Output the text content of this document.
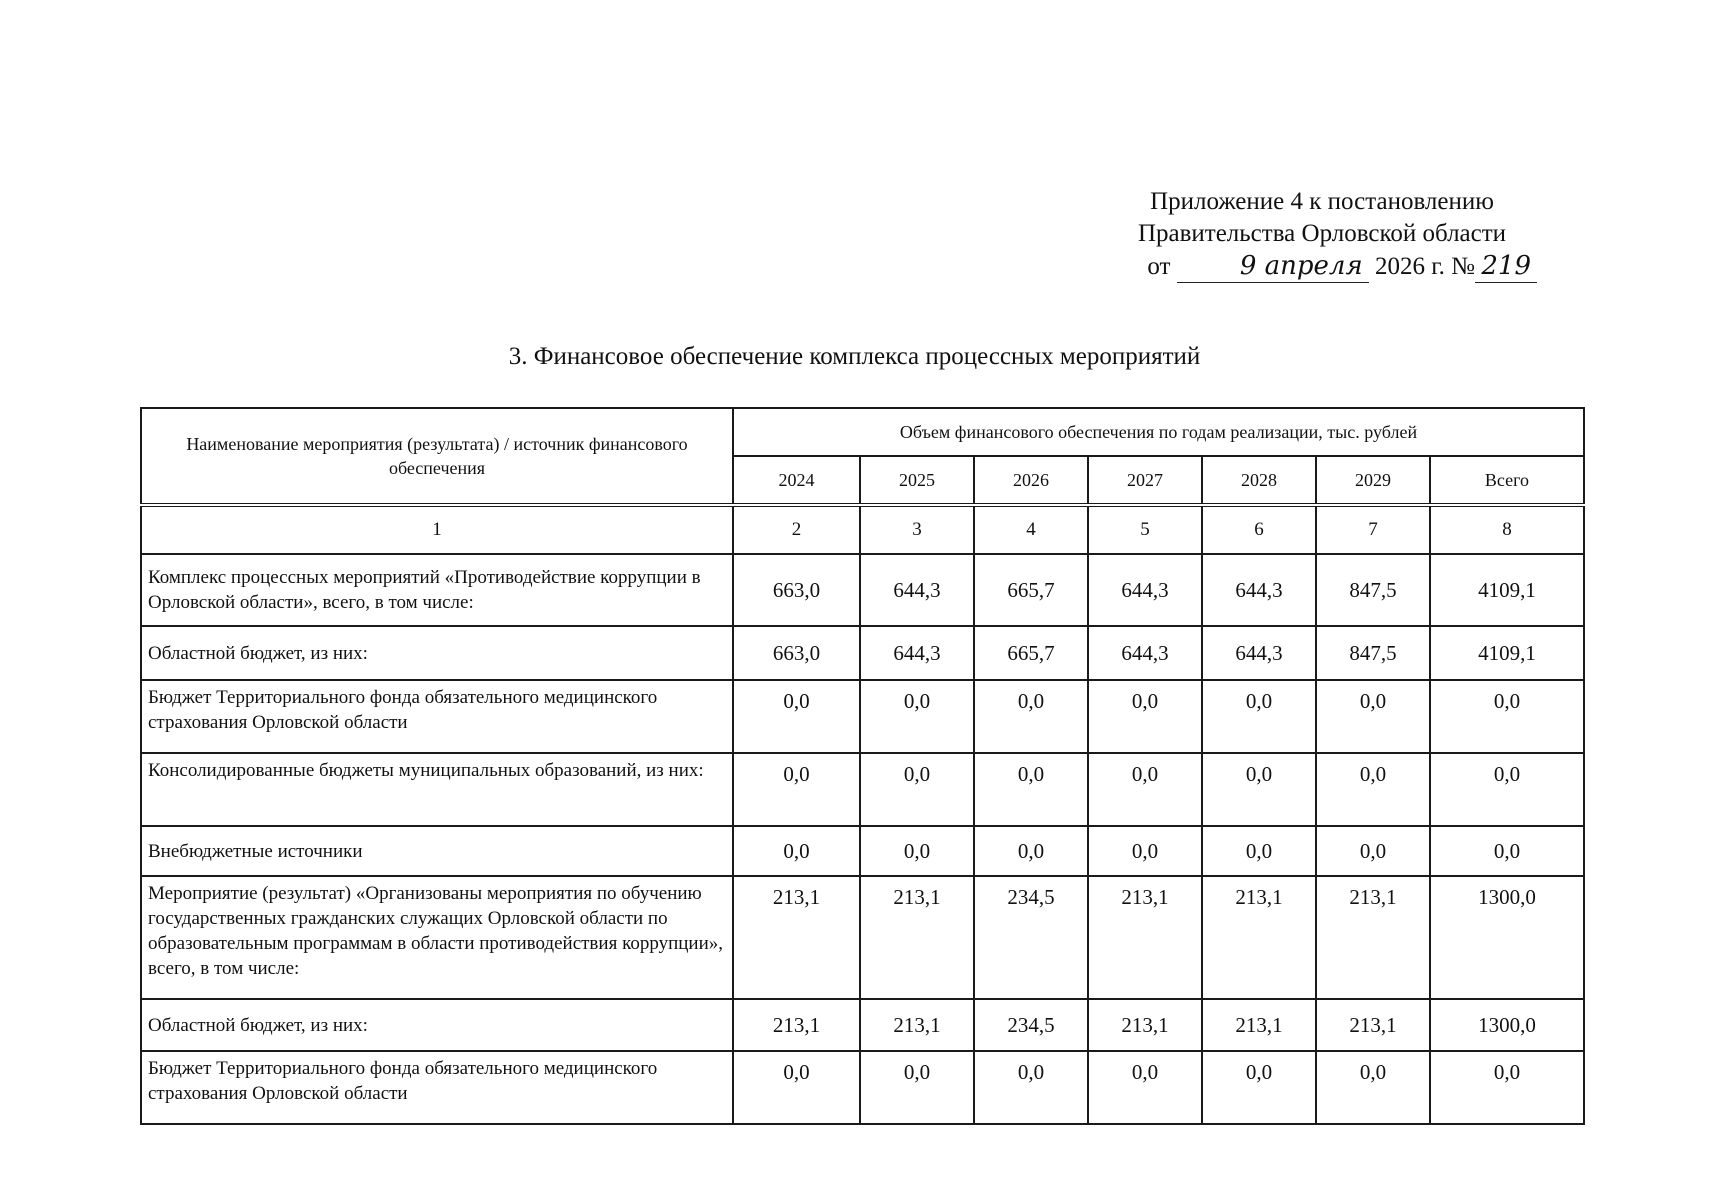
Приложение 4 к постановлению
Правительства Орловской области
от	9 апреля 2026 г. № 219
3. Финансовое обеспечение комплекса процессных мероприятий
Наименование мероприятия (результата) / источник финансового обеспечения	Объем финансового обеспечения по годам реализации, тыс. рублей						
	2024	2025	2026	2027	2028	2029	Всего
1	2	3	4	5	6	7	8
Комплекс процессных мероприятий «Противодействие коррупции в Орловской области», всего, в том числе:	663,0	644,3	665,7	644,3	644,3	847,5	4109,1
Областной бюджет, из них:	663,0	644,3	665,7	644,3	644,3	847,5	4109,1
Бюджет Территориального фонда обязательного медицинского страхования Орловской области	0,0	0,0	0,0	0,0	0,0	0,0	0,0
Консолидированные бюджеты муниципальных образований, из них:	0,0	0,0	0,0	0,0	0,0	0,0	0,0
Внебюджетные источники	0,0	0,0	0,0	0,0	0,0	0,0	0,0
Мероприятие (результат) «Организованы мероприятия по обучению государственных гражданских служащих Орловской области по образовательным программам в области противодействия коррупции», всего, в том числе:	213,1	213,1	234,5	213,1	213,1	213,1	1300,0
Областной бюджет, из них:	213,1	213,1	234,5	213,1	213,1	213,1	1300,0
Бюджет Территориального фонда обязательного медицинского страхования Орловской области	0,0	0,0	0,0	0,0	0,0	0,0	0,0
